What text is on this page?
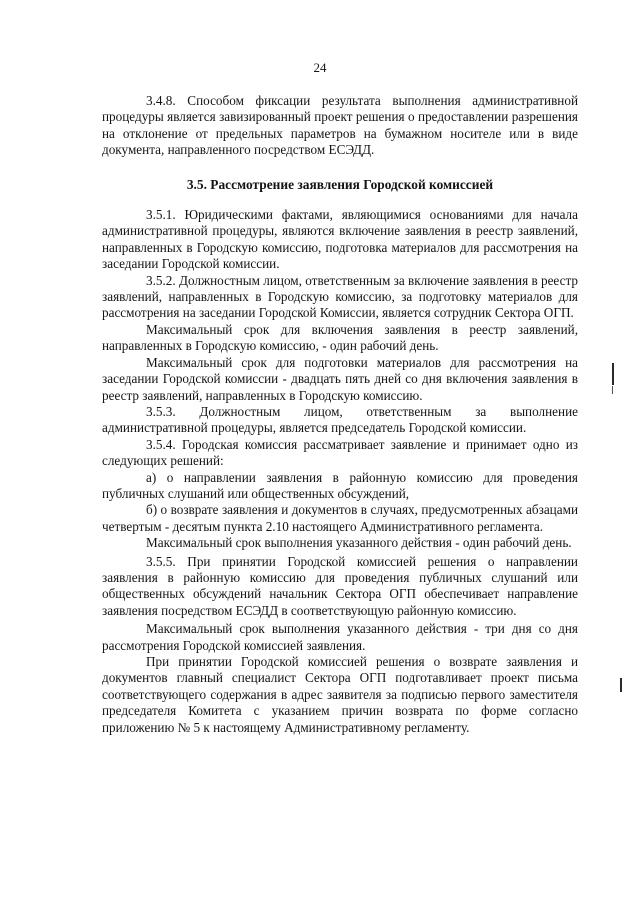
24

3.4.8. Способом фиксации результата выполнения административной процедуры является завизированный проект решения о предоставлении разрешения на отклонение от предельных параметров на бумажном носителе или в виде документа, направленного посредством ЕСЭДД.

3.5. Рассмотрение заявления Городской комиссией

3.5.1. Юридическими фактами, являющимися основаниями для начала административной процедуры, являются включение заявления в реестр заявлений, направленных в Городскую комиссию, подготовка материалов для рассмотрения на заседании Городской комиссии.

3.5.2. Должностным лицом, ответственным за включение заявления в реестр заявлений, направленных в Городскую комиссию, за подготовку материалов для рассмотрения на заседании Городской Комиссии, является сотрудник Сектора ОГП.

Максимальный срок для включения заявления в реестр заявлений, направленных в Городскую комиссию, - один рабочий день.

Максимальный срок для подготовки материалов для рассмотрения на заседании Городской комиссии - двадцать пять дней со дня включения заявления в реестр заявлений, направленных в Городскую комиссию.

3.5.3. Должностным лицом, ответственным за выполнение административной процедуры, является председатель Городской комиссии.

3.5.4. Городская комиссия рассматривает заявление и принимает одно из следующих решений:

а) о направлении заявления в районную комиссию для проведения публичных слушаний или общественных обсуждений,

б) о возврате заявления и документов в случаях, предусмотренных абзацами четвертым - десятым пункта 2.10 настоящего Административного регламента.

Максимальный срок выполнения указанного действия - один рабочий день.

3.5.5. При принятии Городской комиссией решения о направлении заявления в районную комиссию для проведения публичных слушаний или общественных обсуждений начальник Сектора ОГП обеспечивает направление заявления посредством ЕСЭДД в соответствующую районную комиссию.

Максимальный срок выполнения указанного действия - три дня со дня рассмотрения Городской комиссией заявления.

При принятии Городской комиссией решения о возврате заявления и документов главный специалист Сектора ОГП подготавливает проект письма соответствующего содержания в адрес заявителя за подписью первого заместителя председателя Комитета с указанием причин возврата по форме согласно приложению № 5 к настоящему Административному регламенту.
